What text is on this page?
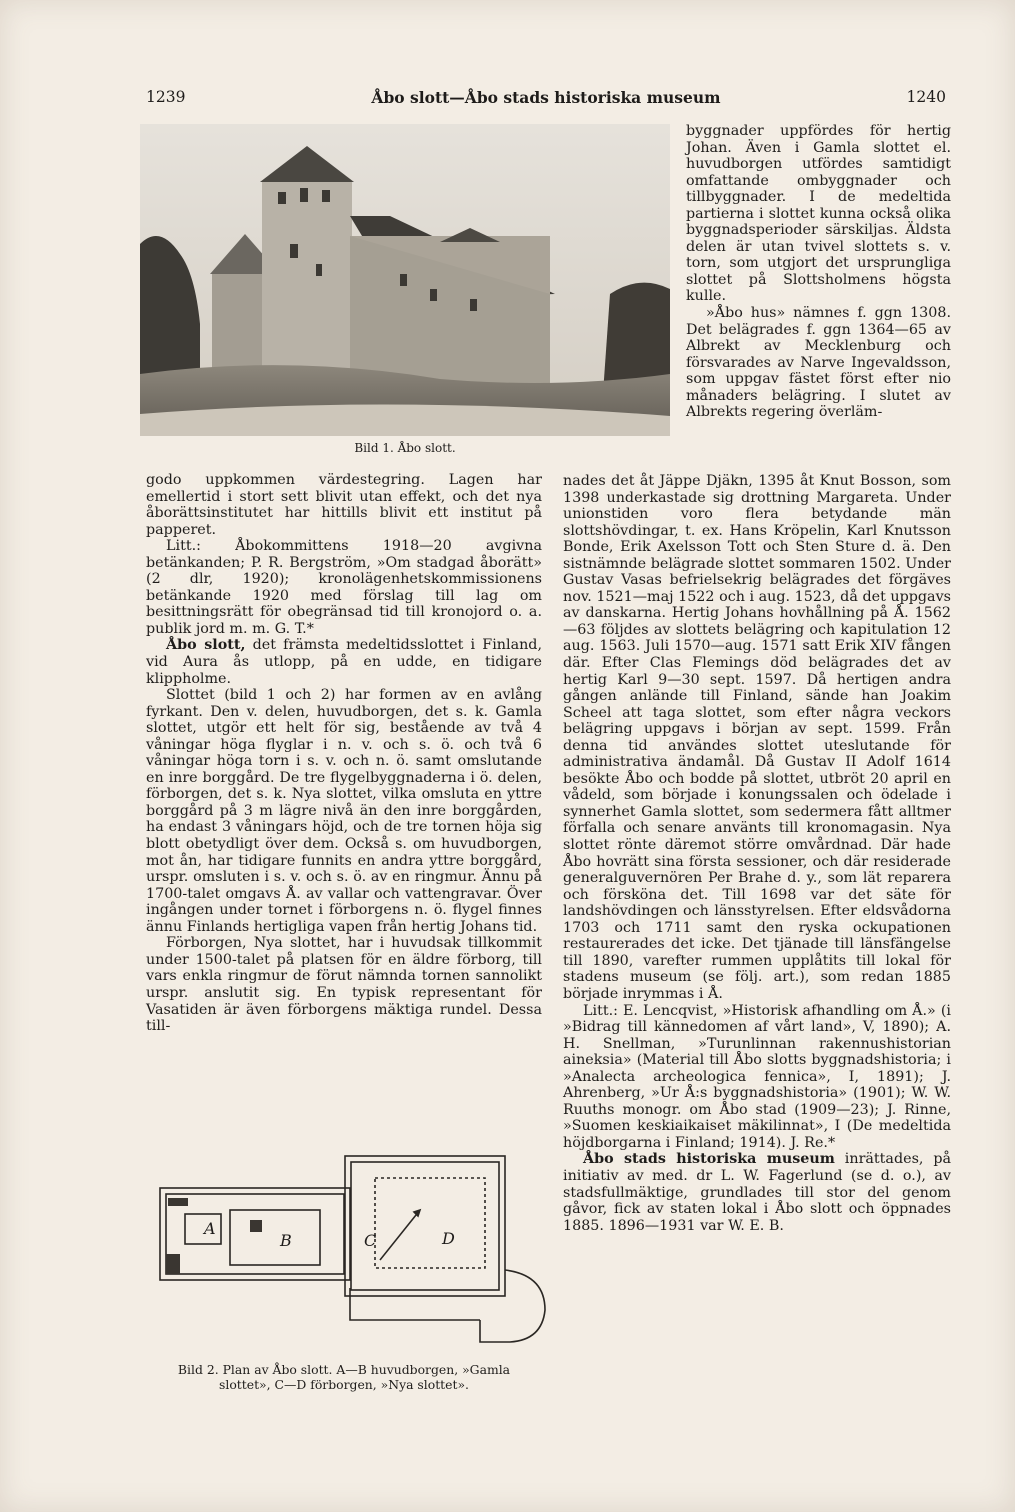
1239	Åbo slott—Åbo stads historiska museum	1240
Bild 1. Åbo slott.

byggnader uppfördes för hertig Johan. Även i Gamla slottet el. huvudborgen utfördes samtidigt omfattande ombyggnader och tillbyggnader. I de medeltida partierna i slottet kunna också olika byggnadsperioder särskiljas. Äldsta delen är utan tvivel slottets s. v. torn, som utgjort det ursprungliga slottet på Slottsholmens högsta kulle.

»Åbo hus» nämnes f. ggn 1308. Det belägrades f. ggn 1364—65 av Albrekt av Mecklenburg och försvarades av Narve Ingevaldsson, som uppgav fästet först efter nio månaders belägring. I slutet av Albrekts regering överläm-

godo uppkommen värdestegring. Lagen har emellertid i stort sett blivit utan effekt, och det nya åborättsinstitutet har hittills blivit ett institut på papperet.

Litt.: Åbokommittens 1918—20 avgivna betänkanden; P. R. Bergström, »Om stadgad åborätt» (2 dlr, 1920); kronolägenhetskommissionens betänkande 1920 med förslag till lag om besittningsrätt för obegränsad tid till kronojord o. a. publik jord m. m. G. T.*

Åbo slott, det främsta medeltidsslottet i Finland, vid Aura ås utlopp, på en udde, en tidigare klippholme.

Slottet (bild 1 och 2) har formen av en avlång fyrkant. Den v. delen, huvudborgen, det s. k. Gamla slottet, utgör ett helt för sig, bestående av två 4 våningar höga flyglar i n. v. och s. ö. och två 6 våningar höga torn i s. v. och n. ö. samt omslutande en inre borggård. De tre flygelbyggnaderna i ö. delen, förborgen, det s. k. Nya slottet, vilka omsluta en yttre borggård på 3 m lägre nivå än den inre borggården, ha endast 3 våningars höjd, och de tre tornen höja sig blott obetydligt över dem. Också s. om huvudborgen, mot ån, har tidigare funnits en andra yttre borggård, urspr. omsluten i s. v. och s. ö. av en ringmur. Ännu på 1700-talet omgavs Å. av vallar och vattengravar. Över ingången under tornet i förborgens n. ö. flygel finnes ännu Finlands hertigliga vapen från hertig Johans tid.

Förborgen, Nya slottet, har i huvudsak tillkommit under 1500-talet på platsen för en äldre förborg, till vars enkla ringmur de förut nämnda tornen sannolikt urspr. anslutit sig. En typisk representant för Vasatiden är även förborgens mäktiga rundel. Dessa till-

nades det åt Jäppe Djäkn, 1395 åt Knut Bosson, som 1398 underkastade sig drottning Margareta. Under unionstiden voro flera betydande män slottshövdingar, t. ex. Hans Kröpelin, Karl Knutsson Bonde, Erik Axelsson Tott och Sten Sture d. ä. Den sistnämnde belägrade slottet sommaren 1502. Under Gustav Vasas befrielsekrig belägrades det förgäves nov. 1521—maj 1522 och i aug. 1523, då det uppgavs av danskarna. Hertig Johans hovhållning på Å. 1562—63 följdes av slottets belägring och kapitulation 12 aug. 1563. Juli 1570—aug. 1571 satt Erik XIV fången där. Efter Clas Flemings död belägrades det av hertig Karl 9—30 sept. 1597. Då hertigen andra gången anlände till Finland, sände han Joakim Scheel att taga slottet, som efter några veckors belägring uppgavs i början av sept. 1599. Från denna tid användes slottet uteslutande för administrativa ändamål. Då Gustav II Adolf 1614 besökte Åbo och bodde på slottet, utbröt 20 april en vådeld, som började i konungssalen och ödelade i synnerhet Gamla slottet, som sedermera fått alltmer förfalla och senare använts till kronomagasin. Nya slottet rönte däremot större omvårdnad. Där hade Åbo hovrätt sina första sessioner, och där residerade generalguvernören Per Brahe d. y., som lät reparera och försköna det. Till 1698 var det säte för landshövdingen och länsstyrelsen. Efter eldsvådorna 1703 och 1711 samt den ryska ockupationen restaurerades det icke. Det tjänade till länsfängelse till 1890, varefter rummen upplåtits till lokal för stadens museum (se följ. art.), som redan 1885 började inrymmas i Å.

Litt.: E. Lencqvist, »Historisk afhandling om Å.» (i »Bidrag till kännedomen af vårt land», V, 1890); A. H. Snellman, »Turunlinnan rakennushistorian aineksia» (Material till Åbo slotts byggnadshistoria; i »Analecta archeologica fennica», I, 1891); J. Ahrenberg, »Ur Å:s byggnadshistoria» (1901); W. W. Ruuths monogr. om Åbo stad (1909—23); J. Rinne, »Suomen keskiaikaiset mäkilinnat», I (De medeltida höjdborgarna i Finland; 1914). J. Re.*

Åbo stads historiska museum inrättades, på initiativ av med. dr L. W. Fagerlund (se d. o.), av stadsfullmäktige, grundlades till stor del genom gåvor, fick av staten lokal i Åbo slott och öppnades 1885. 1896—1931 var W. E. B.

A
B	C	D
Bild 2. Plan av Åbo slott. A—B huvudborgen, »Gamla
slottet», C—D förborgen, »Nya slottet».
